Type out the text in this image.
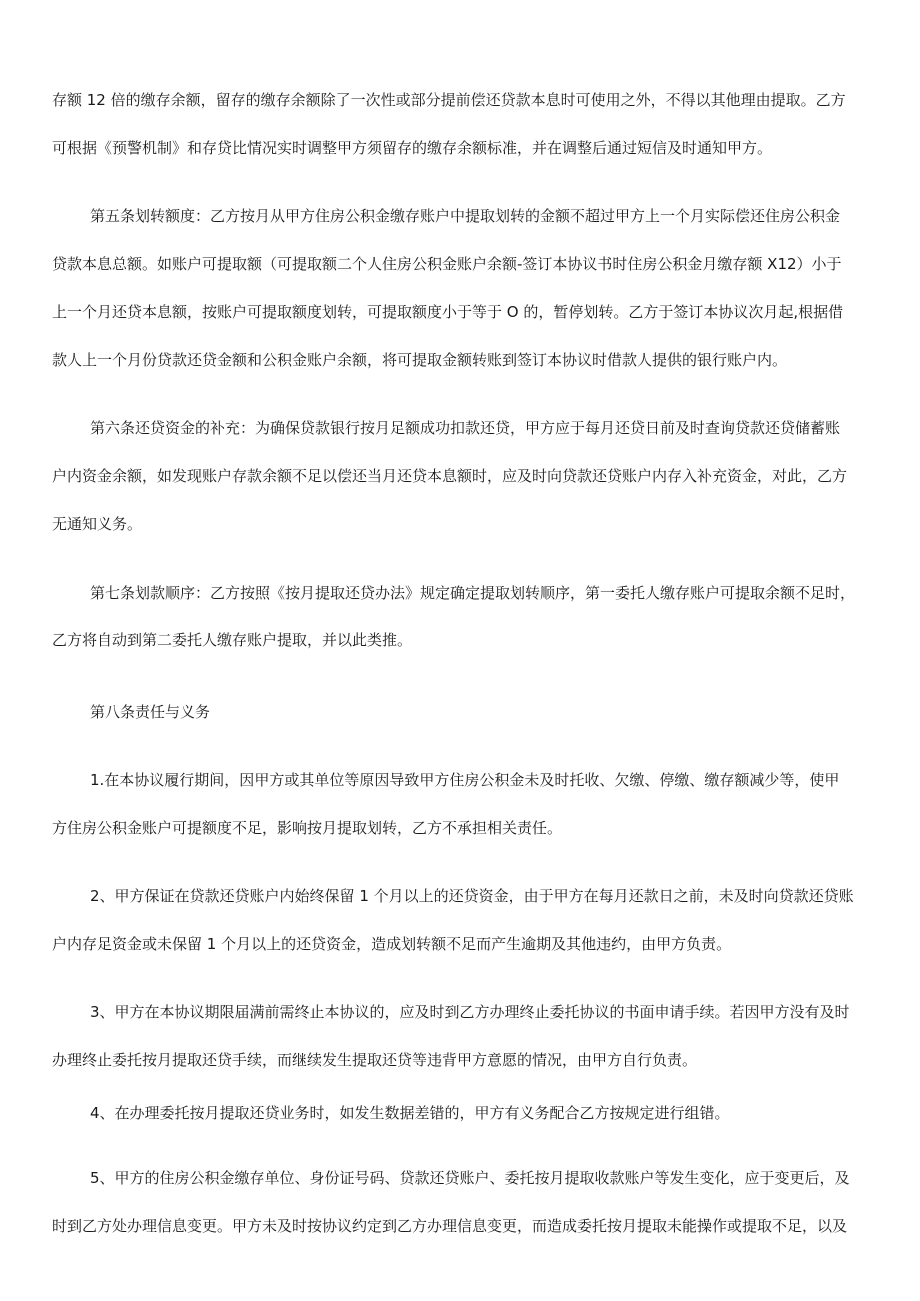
存额 12 倍的缴存余额，留存的缴存余额除了一次性或部分提前偿还贷款本息时可使用之外，不得以其他理由提取。乙方
可根据《预警机制》和存贷比情况实时调整甲方须留存的缴存余额标准，并在调整后通过短信及时通知甲方。
第五条划转额度：乙方按月从甲方住房公积金缴存账户中提取划转的金额不超过甲方上一个月实际偿还住房公积金
贷款本息总额。如账户可提取额（可提取额二个人住房公积金账户余额-签订本协议书时住房公积金月缴存额 X12）小于
上一个月还贷本息额，按账户可提取额度划转，可提取额度小于等于 O 的，暂停划转。乙方于签订本协议次月起,根据借
款人上一个月份贷款还贷金额和公积金账户余额，将可提取金额转账到签订本协议时借款人提供的银行账户内。
第六条还贷资金的补充：为确保贷款银行按月足额成功扣款还贷，甲方应于每月还贷日前及时查询贷款还贷储蓄账
户内资金余额，如发现账户存款余额不足以偿还当月还贷本息额时，应及时向贷款还贷账户内存入补充资金，对此，乙方
无通知义务。
第七条划款顺序：乙方按照《按月提取还贷办法》规定确定提取划转顺序，第一委托人缴存账户可提取余额不足时，
乙方将自动到第二委托人缴存账户提取，并以此类推。
第八条责任与义务
1.在本协议履行期间，因甲方或其单位等原因导致甲方住房公积金未及时托收、欠缴、停缴、缴存额减少等，使甲
方住房公积金账户可提额度不足，影响按月提取划转，乙方不承担相关责任。
2、甲方保证在贷款还贷账户内始终保留 1 个月以上的还贷资金，由于甲方在每月还款日之前，未及时向贷款还贷账
户内存足资金或未保留 1 个月以上的还贷资金，造成划转额不足而产生逾期及其他违约，由甲方负责。
3、甲方在本协议期限届满前需终止本协议的，应及时到乙方办理终止委托协议的书面申请手续。若因甲方没有及时
办理终止委托按月提取还贷手续，而继续发生提取还贷等违背甲方意愿的情况，由甲方自行负责。
4、在办理委托按月提取还贷业务时，如发生数据差错的，甲方有义务配合乙方按规定进行组错。
5、甲方的住房公积金缴存单位、身份证号码、贷款还贷账户、委托按月提取收款账户等发生变化，应于变更后，及
时到乙方处办理信息变更。甲方未及时按协议约定到乙方办理信息变更，而造成委托按月提取未能操作或提取不足，以及
